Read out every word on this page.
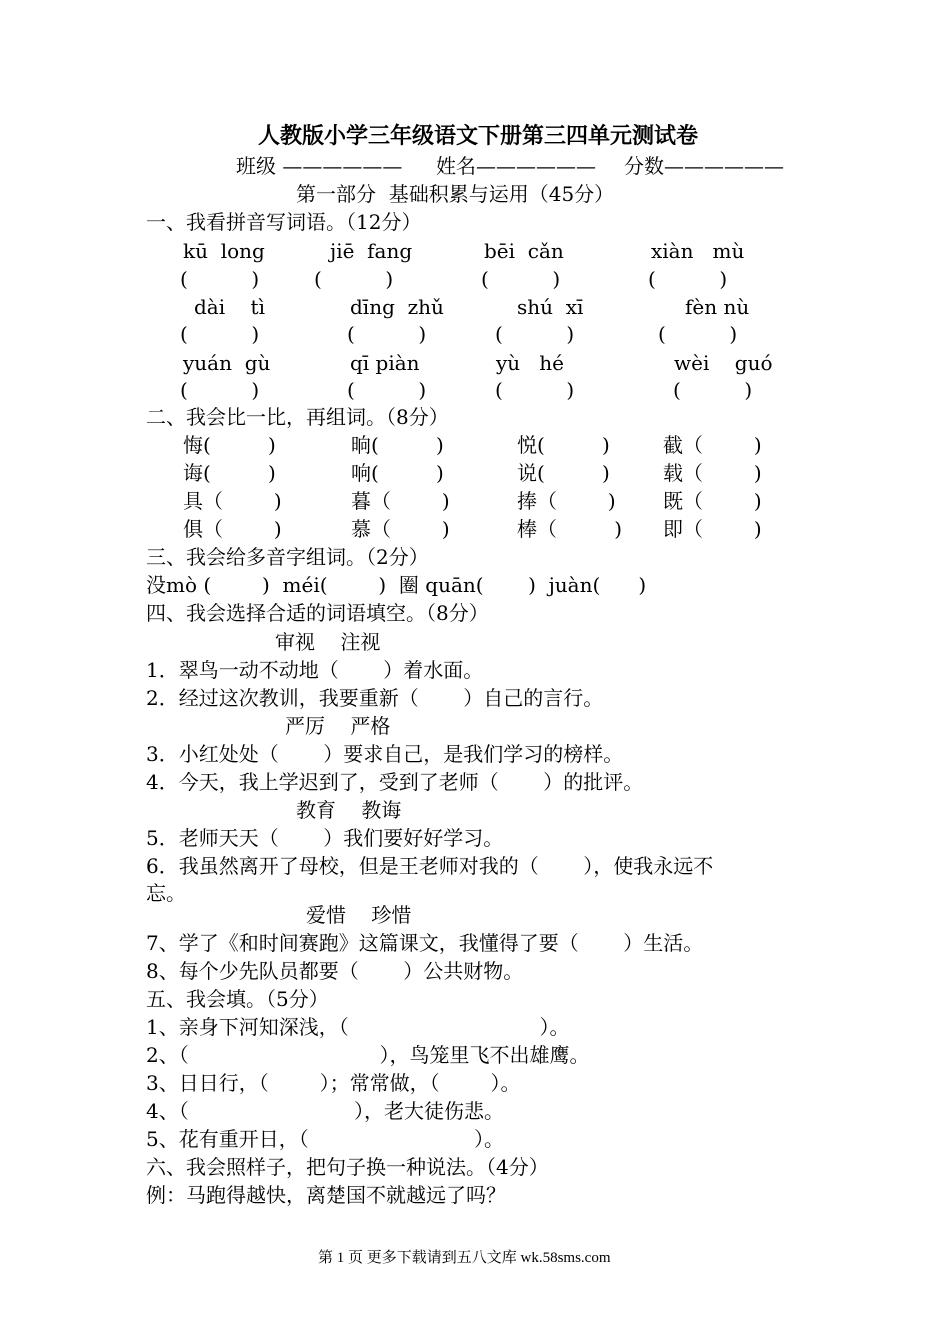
人教版小学三年级语文下册第三四单元测试卷
班级 —————— 姓名—————— 分数——————
第一部分  基础积累与运用（45分）
一、我看拼音写词语。（12分）
kū  long	jiē  fang	bēi  cǎn	xiàn   mù
(          )	(          )	(          )	(          )
dài    tì	dīng  zhǔ	shú  xī	fèn nù
(          )	(          )	(          )	(          )
yuán  gù	qī piàn	yù   hé	wèi    guó
(          )	(          )	(          )	(          )
二、我会比一比，再组词。（8分）
悔(         )	晌(         )	悦(         )	截（        )
诲(         )	响(         )	说(         )	载（        )
具（        )	暮（        )	捧（        ) 既（        )
俱（        )	慕（        )	棒（         ) 即（        )
三、我会给多音字组词。（2分）
没mò (        )  méi(        )  圈 quān(       )  juàn(      )
四、我会选择合适的词语填空。（8分）
审视    注视
1．翠鸟一动不动地（       ）着水面。
2．经过这次教训，我要重新（       ）自己的言行。
严厉    严格
3．小红处处（       ）要求自己，是我们学习的榜样。
4．今天，我上学迟到了，受到了老师（       ）的批评。
教育    教诲
5．老师天天（       ）我们要好好学习。
6．我虽然离开了母校，但是王老师对我的（       ），使我永远不
忘。
爱惜    珍惜
7、学了《和时间赛跑》这篇课文，我懂得了要（       ）生活。
8、每个少先队员都要（       ）公共财物。
五、我会填。（5分）
1、亲身下河知深浅，（                              ）。
2、（                              ），鸟笼里飞不出雄鹰。
3、日日行，（        ）；常常做，（        ）。
4、（                          ），老大徒伤悲。
5、花有重开日，（                          ）。
六、我会照样子，把句子换一种说法。（4分）
例：马跑得越快，离楚国不就越远了吗？
第 1 页 更多下载请到五八文库 wk.58sms.com
